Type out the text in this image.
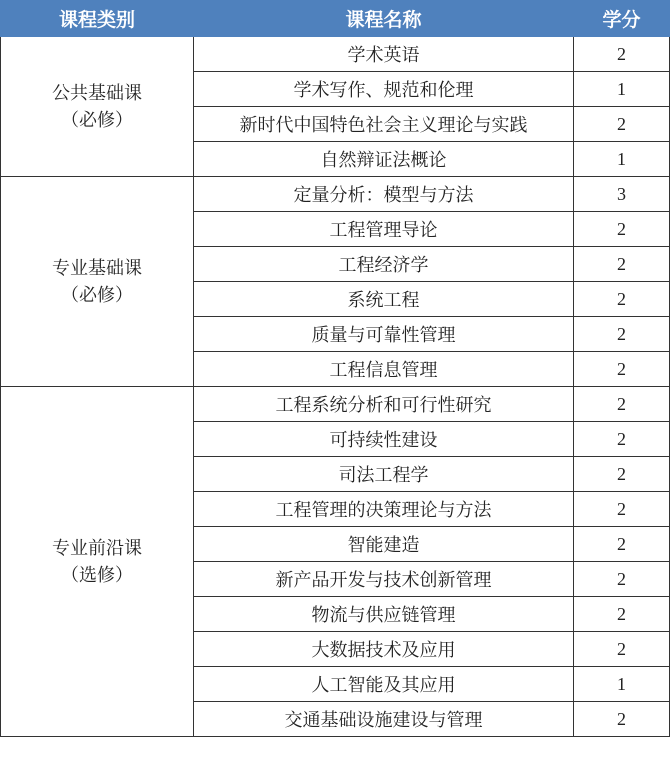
课程类别	课程名称	学分

公共基础课
（必修）	学术英语	2
	学术写作、规范和伦理	1
	新时代中国特色社会主义理论与实践	2
	自然辩证法概论	1

专业基础课
（必修）	定量分析：模型与方法	3
	工程管理导论	2
	工程经济学	2
	系统工程	2
	质量与可靠性管理	2
	工程信息管理	2

专业前沿课
（选修）	工程系统分析和可行性研究	2
	可持续性建设	2
	司法工程学	2
	工程管理的决策理论与方法	2
	智能建造	2
	新产品开发与技术创新管理	2
	物流与供应链管理	2
	大数据技术及应用	2
	人工智能及其应用	1
	交通基础设施建设与管理	2
